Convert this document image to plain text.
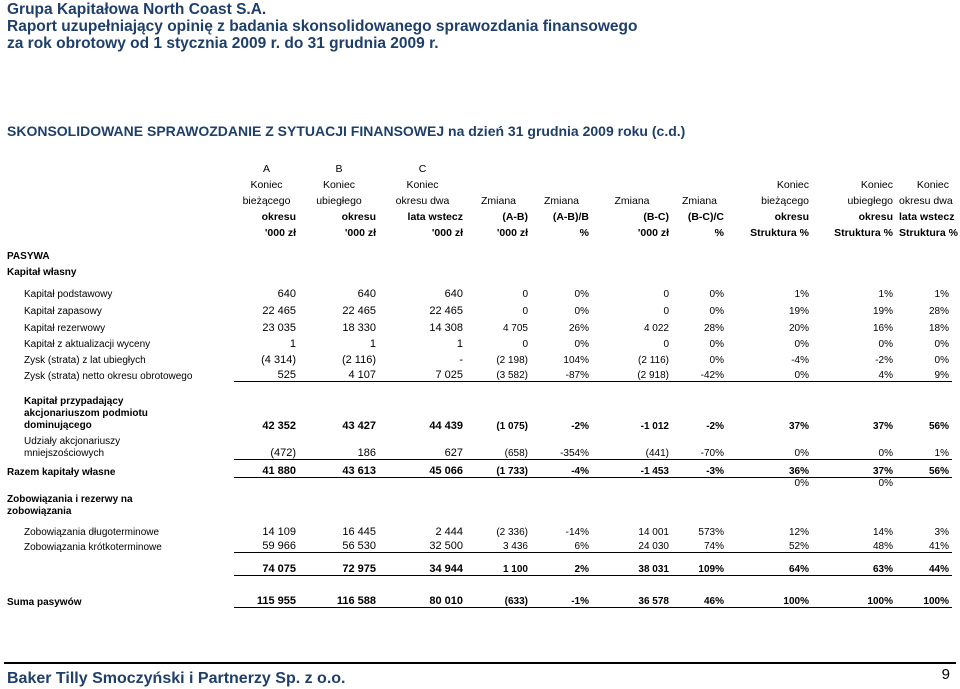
Grupa Kapitałowa North Coast S.A.
Raport uzupełniający opinię z badania skonsolidowanego sprawozdania finansowego
za rok obrotowy od 1 stycznia 2009 r. do 31 grudnia 2009 r.
SKONSOLIDOWANE SPRAWOZDANIE Z SYTUACJI FINANSOWEJ na dzień 31 grudnia 2009 roku (c.d.)
	A	B	C							
	Koniec	Koniec	Koniec					Koniec	Koniec	Koniec
	bieżącego	ubiegłego	okresu dwa	Zmiana	Zmiana	Zmiana	Zmiana	bieżącego	ubiegłego	okresu dwa
	okresu	okresu	lata wstecz	(A-B)	(A-B)/B	(B-C)	(B-C)/C	okresu	okresu	lata wstecz
	'000 zł	'000 zł	'000 zł	'000 zł	%	'000 zł	%	Struktura %	Struktura %	Struktura %
PASYWA										
Kapitał własny										
Kapitał podstawowy	640	640	640	0	0%	0	0%	1%	1%	1%
Kapitał zapasowy	22 465	22 465	22 465	0	0%	0	0%	19%	19%	28%
Kapitał rezerwowy	23 035	18 330	14 308	4 705	26%	4 022	28%	20%	16%	18%
Kapitał z aktualizacji wyceny	1	1	1	0	0%	0	0%	0%	0%	0%
Zysk (strata) z lat ubiegłych	(4 314)	(2 116)	-	(2 198)	104%	(2 116)	0%	-4%	-2%	0%
Zysk (strata) netto okresu obrotowego	525	4 107	7 025	(3 582)	-87%	(2 918)	-42%	0%	4%	9%
Kapitał przypadający akcjonariuszom podmiotu dominującego	42 352	43 427	44 439	(1 075)	-2%	-1 012	-2%	37%	37%	56%
Udziały akcjonariuszy mniejszościowych	(472)	186	627	(658)	-354%	(441)	-70%	0%	0%	1%
Razem kapitały własne	41 880	43 613	45 066	(1 733)	-4%	-1 453	-3%	36%	37%	56%
Zobowiązania i rezerwy na zobowiązania								0%	0%	
Zobowiązania długoterminowe	14 109	16 445	2 444	(2 336)	-14%	14 001	573%	12%	14%	3%
Zobowiązania krótkoterminowe	59 966	56 530	32 500	3 436	6%	24 030	74%	52%	48%	41%
	74 075	72 975	34 944	1 100	2%	38 031	109%	64%	63%	44%

Suma pasywów	115 955	116 588	80 010	(633)	-1%	36 578	46%	100%	100%	100%
Baker Tilly Smoczyński i Partnerzy Sp. z o.o.	9
